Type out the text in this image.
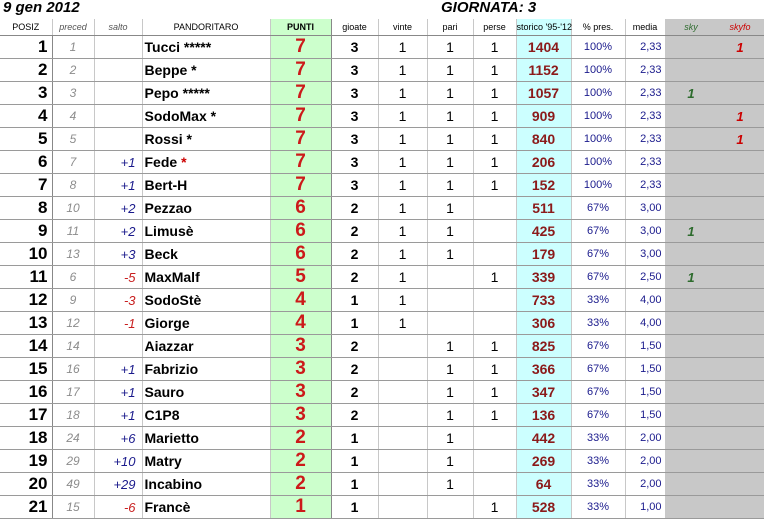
9 gen 2012	GIORNATA: 3
POSIZ	preced	salto	PANDORITARO	PUNTI	gioate	vinte	pari	perse	storico '95-'12	% pres.	media	sky	skyfo
1	1		Tucci *****	7	3	1	1	1	1404	100%	2,33		1
2	2		Beppe *	7	3	1	1	1	1152	100%	2,33		
3	3		Pepo *****	7	3	1	1	1	1057	100%	2,33	1	
4	4		SodoMax *	7	3	1	1	1	909	100%	2,33		1
5	5		Rossi *	7	3	1	1	1	840	100%	2,33		1
6	7	+1	Fede *	7	3	1	1	1	206	100%	2,33		
7	8	+1	Bert-H	7	3	1	1	1	152	100%	2,33		
8	10	+2	Pezzao	6	2	1	1		511	67%	3,00		
9	11	+2	Limusè	6	2	1	1		425	67%	3,00	1	
10	13	+3	Beck	6	2	1	1		179	67%	3,00		
11	6	-5	MaxMalf	5	2	1		1	339	67%	2,50	1	
12	9	-3	SodoStè	4	1	1			733	33%	4,00		
13	12	-1	Giorge	4	1	1			306	33%	4,00		
14	14		Aiazzar	3	2		1	1	825	67%	1,50		
15	16	+1	Fabrizio	3	2		1	1	366	67%	1,50		
16	17	+1	Sauro	3	2		1	1	347	67%	1,50		
17	18	+1	C1P8	3	2		1	1	136	67%	1,50		
18	24	+6	Marietto	2	1		1		442	33%	2,00		
19	29	+10	Matry	2	1		1		269	33%	2,00		
20	49	+29	Incabino	2	1		1		64	33%	2,00		
21	15	-6	Francè	1	1			1	528	33%	1,00		
